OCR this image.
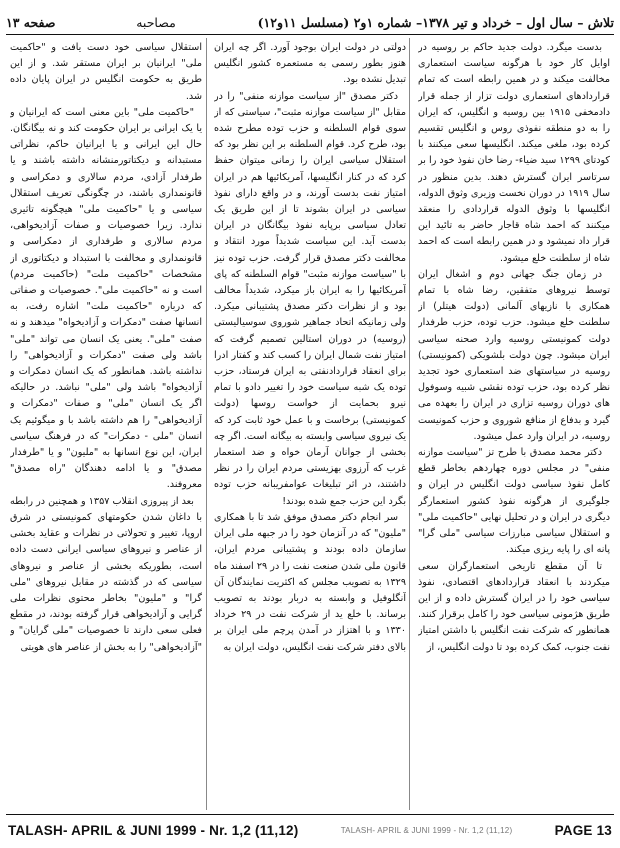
تلاش – سال اول – خرداد و تیر ۱۳۷۸– شماره ۱و۲ (مسلسل ۱۱و۱۲)
مصاحبه
صفحه ۱۳

بدست میگرد. دولت جدید حاکم بر روسیه در اوایل کار خود با هرگونه سیاست استعماری مخالفت میکند و در همین رابطه است که تمام قراردادهای استعماری دولت تزار از جمله قرار دادمخفی ۱۹۱۵ بین روسیه و انگلیس، که ایران را به دو منطقه نفوذی روس و انگلیس تقسیم کرده بود، ملغی میکند. انگلیسها سعی میکنند با کودتای ۱۲۹۹ سید ضیاء- رضا خان نفوذ خود را بر سرتاسر ایران گسترش دهند. بدین منظور در سال ۱۹۱۹ در دوران نخست وزیری وثوق الدوله، انگلیسها با وثوق الدوله قراردادی را منعقد میکنند که احمد شاه قاجار حاضر به تائید این قرار داد نمیشود و در همین رابطه است که احمد شاه از سلطنت خلع میشود.

در زمان جنگ جهانی دوم و اشغال ایران توسط نیروهای متفقین، رضا شاه با تمام همکاری با نازیهای آلمانی (دولت هیتلر) از سلطنت خلع میشود. حزب توده، حزب طرفدار دولت کمونیستی روسیه وارد صحنه سیاسی ایران میشود. چون دولت بلشویکی (کمونیستی) روسیه در سیاستهای ضد استعماری خود تجدید نظر کرده بود، حزب توده نقشی شبیه وسوفول های دوران روسیه تزاری در ایران را بعهده می گیرد و بدفاع از منافع شوروی و حزب کمونیست روسیه، در ایران وارد عمل میشود.

دکتر محمد مصدق با طرح تز "سیاست موازنه منفی" در مجلس دوره چهاردهم بخاطر قطع کامل نفوذ سیاسی دولت انگلیس در ایران و جلوگیری از هرگونه نفوذ کشور استعمارگر دیگری در ایران و در تحلیل نهایی "حاکمیت ملی" و استقلال سیاسی مبارزات سیاسی "ملی گرا" پانه ای را پایه ریزی میکند.

تا آن مقطع تاریخی استعمارگران سعی میکردند با انعقاد قراردادهای اقتصادی، نفوذ سیاسی خود را در ایران گسترش داده و از این طریق هژمونی سیاسی خود را کامل برقرار کنند. همانطور که شرکت نفت انگلیس با داشتن امتیاز نفت جنوب، کمک کرده بود تا دولت انگلیس، از

دولتی در دولت ایران بوجود آورد. اگر چه ایران هنوز بطور رسمی به مستعمره کشور انگلیس تبدیل نشده بود.

دکتر مصدق "از سیاست موازنه منفی" را در مقابل "از سیاست موازنه مثبت"، سیاستی که از سوی قوام السلطنه و حزب توده مطرح شده بود، طرح کرد. قوام السلطنه بر این نظر بود که استقلال سیاسی ایران را زمانی میتوان حفظ کرد که در کنار انگلیسها، آمریکائیها هم در ایران امتیاز نفت بدست آورند، و در واقع دارای نفوذ سیاسی در ایران بشوند تا از این طریق یک تعادل سیاسی برپایه نفوذ بیگانگان در ایران بدست آید. این سیاست شدیداً مورد انتقاد و مخالفت دکتر مصدق قرار گرفت. حزب توده نیز با "سیاست موازنه مثبت" قوام السلطنه که پای آمریکائیها را به ایران باز میکرد، شدیداً مخالف بود و از نظرات دکتر مصدق پشتیبانی میکرد. ولی زمانیکه اتحاد جماهیر شوروی سوسیالیستی (روسیه) در دوران استالین تصمیم گرفت که امتیاز نفت شمال ایران را کسب کند و کفتار ادرا برای انعقاد قراردادنفتی به ایران فرستاد، حزب توده یک شبه سیاست خود را تغییر دادو با تمام نیرو بحمایت از خواست روسها (دولت کمونیستی) برخاست و با عمل خود ثابت کرد که یک نیروی سیاسی وابسته به بیگانه است. اگر چه بخشی از جوانان آرمان خواه و ضد استعمار غرب که آرزوی بهزیستی مردم ایران را در نظر داشتند، در اثر تبلیغات عوامفریبانه حزب توده بگرد این حزب جمع شده بودند!

سر انجام دکتر مصدق موفق شد تا با همکاری "ملیون" که در آنزمان خود را در جبهه ملی ایران سازمان داده بودند و پشتیبانی مردم ایران، قانون ملی شدن صنعت نفت را در ۲۹ اسفند ماه ۱۳۲۹ به تصویب مجلس که اکثریت نمایندگان آن آنگلوفیل و وابسته به دربار بودند به تصویب برساند. با خلع ید از شرکت نفت در ۲۹ خرداد ۱۳۳۰ و با اهتزاز در آمدن پرچم ملی ایران بر بالای دفتر شرکت نفت انگلیس، دولت ایران به

استقلال سیاسی خود دست یافت و "حاکمیت ملی" ایرانیان بر ایران مستقر شد. و از این طریق به حکومت انگلیس در ایران پایان داده شد.

"حاکمیت ملی" باین معنی است که ایرانیان و یا یک ایرانی بر ایران حکومت کند و نه بیگانگان. حال این ایرانی و یا ایرانیان حاکم، نظراتی مستبدانه و دیکتاتورمنشانه داشته باشند و یا طرفدار آزادی، مردم سالاری و دمکراسی و قانونمداری باشند، در چگونگی تعریف استقلال سیاسی و یا "حاکمیت ملی" هیچگونه تاثیری ندارد. زیرا خصوصیات و صفات آزادیخواهی، مردم سالاری و طرفداری از دمکراسی و قانونمداری و مخالفت با استبداد و دیکتاتوری از مشخصات "حاکمیت ملت" (حاکمیت مردم) است و نه "حاکمیت ملی". خصوصیات و صفاتی که درباره "حاکمیت ملت" اشاره رفت، به انسانها صفت "دمکرات و آزادیخواه" میدهند و نه صفت "ملی". یعنی یک انسان می تواند "ملی" باشد ولی صفت "دمکرات و آزادیخواهی" را نداشته باشد. همانطور که یک انسان دمکرات و آزادیخواه" باشد ولی "ملی" نباشد. در حالیکه اگر یک انسان "ملی" و صفات "دمکرات و آزادیخواهی" را هم داشته باشد با و میگوئیم یک انسان "ملی - دمکرات" که در فرهنگ سیاسی ایران، این نوع انسانها به "ملیون" و یا "طرفدار مصدق" و یا ادامه دهندگان "راه مصدق" معروفند.

بعد از پیروزی انقلاب ۱۳۵۷ و همچنین در رابطه با داغان شدن حکومتهای کمونیستی در شرق اروپا، تغییر و تحولاتی در نظرات و عقاید بخشی از عناصر و نیروهای سیاسی ایرانی دست داده است، بطوریکه بخشی از عناصر و نیروهای سیاسی که در گذشته در مقابل نیروهای "ملی گرا" و "ملیون" بخاطر محتوی نظرات ملی گرایی و آزادیخواهی قرار گرفته بودند، در مقطع فعلی سعی دارند تا خصوصیات "ملی گرایان" و "آزادیخواهی" را به بخش از عناصر های هویتی

TALASH- APRIL & JUNI 1999 - Nr. 1,2 (11,12)	TALASH- APRIL & JUNI 1999 - Nr. 1,2 (11,12)	PAGE 13
